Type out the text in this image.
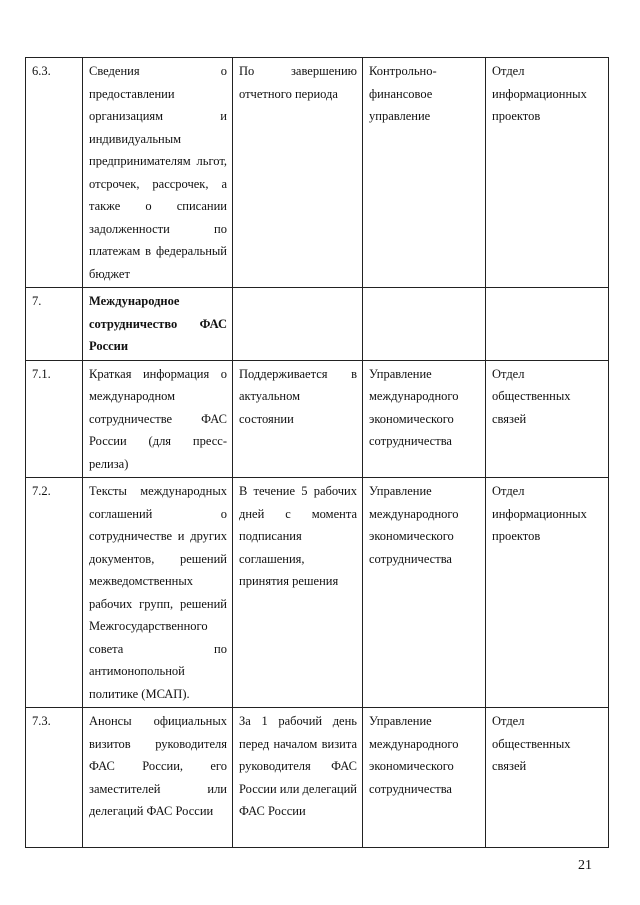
6.3.	Сведения о предоставлении организациям и индивидуальным предпринимателям льгот, отсрочек, рассрочек, а также о списании задолженности по платежам в федеральный бюджет	По завершению отчетного периода	Контрольно-финансовое управление	Отдел информационных проектов

7.	Международное сотрудничество ФАС России			

7.1.	Краткая информация о международном сотрудничестве ФАС России (для пресс-релиза)	Поддерживается в актуальном состоянии	Управление международного экономического сотрудничества	Отдел общественных связей

7.2.	Тексты международных соглашений о сотрудничестве и других документов, решений межведомственных рабочих групп, решений Межгосударственного совета по антимонопольной политике (МСАП).	В течение 5 рабочих дней с момента подписания соглашения, принятия решения	Управление международного экономического сотрудничества	Отдел информационных проектов

7.3.	Анонсы официальных визитов руководителя ФАС России, его заместителей или делегаций ФАС России	За 1 рабочий день перед началом визита руководителя ФАС России или делегаций ФАС России	Управление международного экономического сотрудничества	Отдел общественных связей
21
